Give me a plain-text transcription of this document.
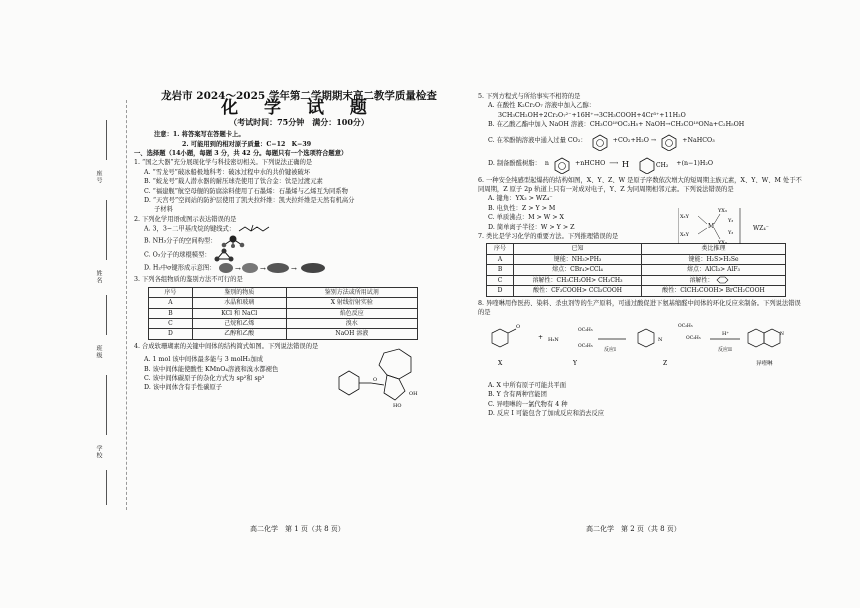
座号
姓名
班级
学校
龙岩市 2024～2025 学年第二学期期末高二教学质量检查
化 学 试 题
（考试时间：75分钟　满分：100分）
注意：1. 将答案写在答题卡上。
2. 可能用到的相对原子质量：C−12　K−39
一、选择题（14小题，每题 3 分，共 42 分。每题只有一个选项符合题意）
1. “国之大器”充分展现化学与科技密切相关。下列说法正确的是
A. “雪龙号”破冰船极地科考：破冰过程中水的共价键被破坏
B. “蛟龙号”载人潜水器的耐压球壳使用了钛合金：钛是过渡元素
C. “福建舰”航空母舰的防腐涂料使用了石墨烯：石墨烯与乙烯互为同系物
D. “天宫号”空间站的防护层使用了凯夫拉纤维：凯夫拉纤维是天然有机高分
子材料
2. 下列化学用语或图示表达错误的是
A. 3，3−二甲基戊烷的键线式：
B. NH₃分子的空间构型：
C. O₃分子的球棍模型：
D. H₂中σ键形成示意图：	→	→	→
3. 下列各组物质的鉴别方法不可行的是
序号	鉴别的物质	鉴别方法或所用试剂
A	水晶和玻璃	X 射线衍射实验
B	KCl 和 NaCl	焰色反应
C	己烷和乙烯	溴水
D	乙醇和乙酸	NaOH 溶液
4. 合成软珊瑚素的关键中间体的结构简式如图。下列说法错误的是
A. 1 mol 该中间体最多能与 3 molH₂加成
B. 该中间体能使酸性 KMnO₄溶液和溴水都褪色
C. 该中间体碳原子的杂化方式为 sp²和 sp³
D. 该中间体含有手性碳原子
O
HO
OH
5. 下列方程式与所给事实不相符的是
A. 在酸性 K₂Cr₂O₇ 溶液中加入乙醇：
3CH₃CH₂OH+2Cr₂O₇²⁻+16H⁺→3CH₃COOH+4Cr³⁺+11H₂O
B. 在乙酸乙酯中加入 NaOH 溶液：CH₃CO¹⁸OC₂H₅+ NaOH→CH₃CO¹⁸ONa+C₂H₅OH
C. 在苯酚钠溶液中通入过量 CO₂：	+CO₂+H₂O →	+NaHCO₃
D. 制备酚醛树脂： n	+nHCHO ⟶ H	CH₂ +(n−1)H₂O
6. 一种安全纯感型起爆药的结构如图，X、Y、Z、W 是原子序数依次增大的短周期主族元素，X、Y、W、M 处于不同周期，Z 原子 2p 轨道上只有一对成对电子，Y、Z 为同周期相邻元素。下列说法错误的是
A. 键角：YX₃ > WZ₄⁻
B. 电负性：Z > Y > M
C. 单质沸点：M > W > X
D. 简单离子半径：W > Y > Z
X₃Y
X₃Y
M
YX₃
Y₃
YX₃
Y₃
WZ₄⁻
7. 类比是学习化学的重要方法。下列推理错误的是
序号	已知	类比推理
A	键能：NH₃>PH₃	键能：H₂S>H₂Se
B	熔点：CBr₄>CCl₄	熔点：AlCl₃> AlF₃
C	溶解性：CH₃CH₂OH> CH₃CH₃	溶解性：
D	酸性：CF₃COOH> CCl₃COOH	酸性：ClCH₂COOH> BrCH₂COOH
8. 异喹啉用作医药、染料、杀虫剂等的生产原料，可通过酸促进下氨基缩醛中间体的环化反应来制备。下列说法错误的是
O
+ H₂N
OC₂H₅
OC₂H₅
反应I
N
OC₂H₅
OC₂H₅
H⁺
反应II
N
X	Y	Z	异喹啉
A. X 中所有原子可能共平面
B. Y 含有两种官能团
C. 异喹啉的一氯代物有 4 种
D. 反应 I 可能包含了加成反应和消去反应
高二化学　第 1 页（共 8 页）	高二化学　第 2 页（共 8 页）
